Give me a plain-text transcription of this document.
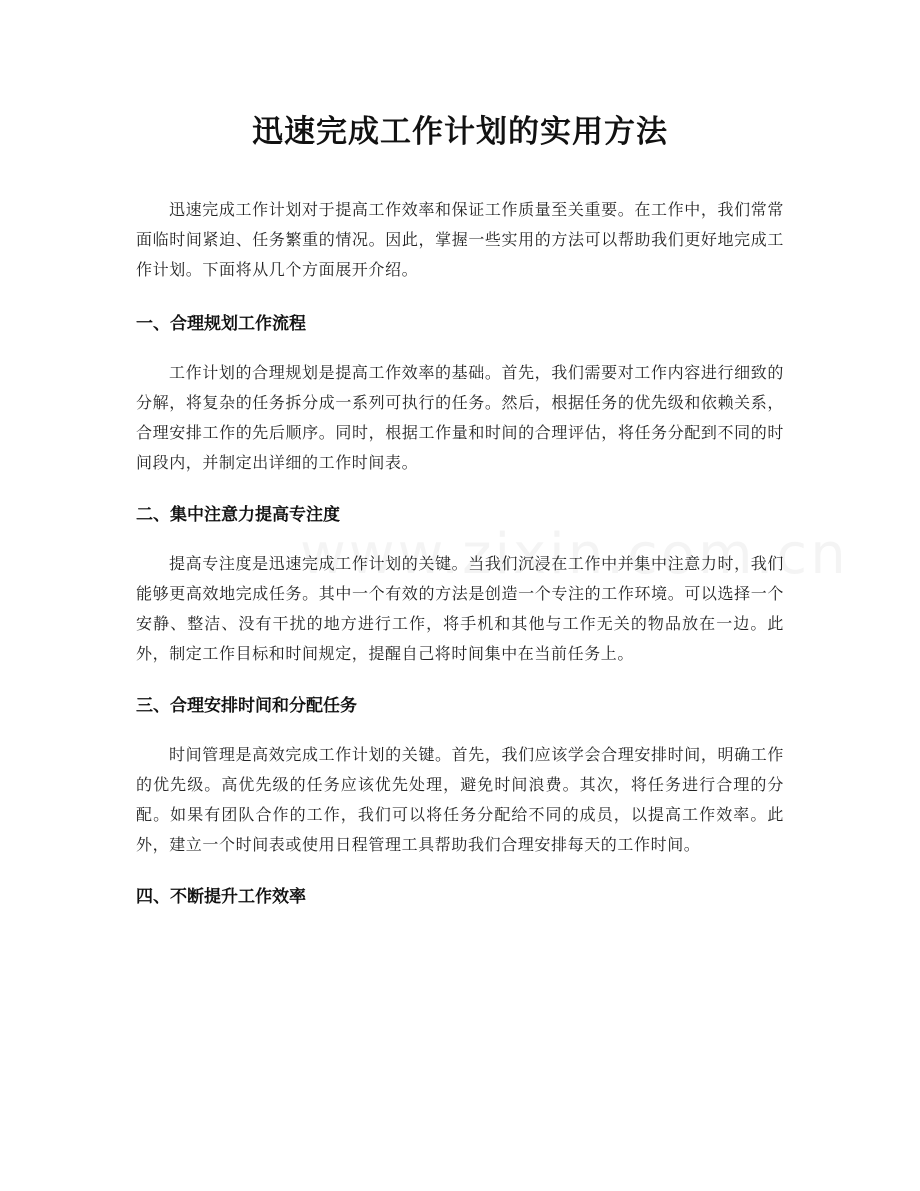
迅速完成工作计划的实用方法

迅速完成工作计划对于提高工作效率和保证工作质量至关重要。在工作中，我们常常面临时间紧迫、任务繁重的情况。因此，掌握一些实用的方法可以帮助我们更好地完成工作计划。下面将从几个方面展开介绍。

一、合理规划工作流程

工作计划的合理规划是提高工作效率的基础。首先，我们需要对工作内容进行细致的分解，将复杂的任务拆分成一系列可执行的任务。然后，根据任务的优先级和依赖关系，合理安排工作的先后顺序。同时，根据工作量和时间的合理评估，将任务分配到不同的时间段内，并制定出详细的工作时间表。

二、集中注意力提高专注度

提高专注度是迅速完成工作计划的关键。当我们沉浸在工作中并集中注意力时，我们能够更高效地完成任务。其中一个有效的方法是创造一个专注的工作环境。可以选择一个安静、整洁、没有干扰的地方进行工作，将手机和其他与工作无关的物品放在一边。此外，制定工作目标和时间规定，提醒自己将时间集中在当前任务上。

三、合理安排时间和分配任务

时间管理是高效完成工作计划的关键。首先，我们应该学会合理安排时间，明确工作的优先级。高优先级的任务应该优先处理，避免时间浪费。其次，将任务进行合理的分配。如果有团队合作的工作，我们可以将任务分配给不同的成员，以提高工作效率。此外，建立一个时间表或使用日程管理工具帮助我们合理安排每天的工作时间。

四、不断提升工作效率
